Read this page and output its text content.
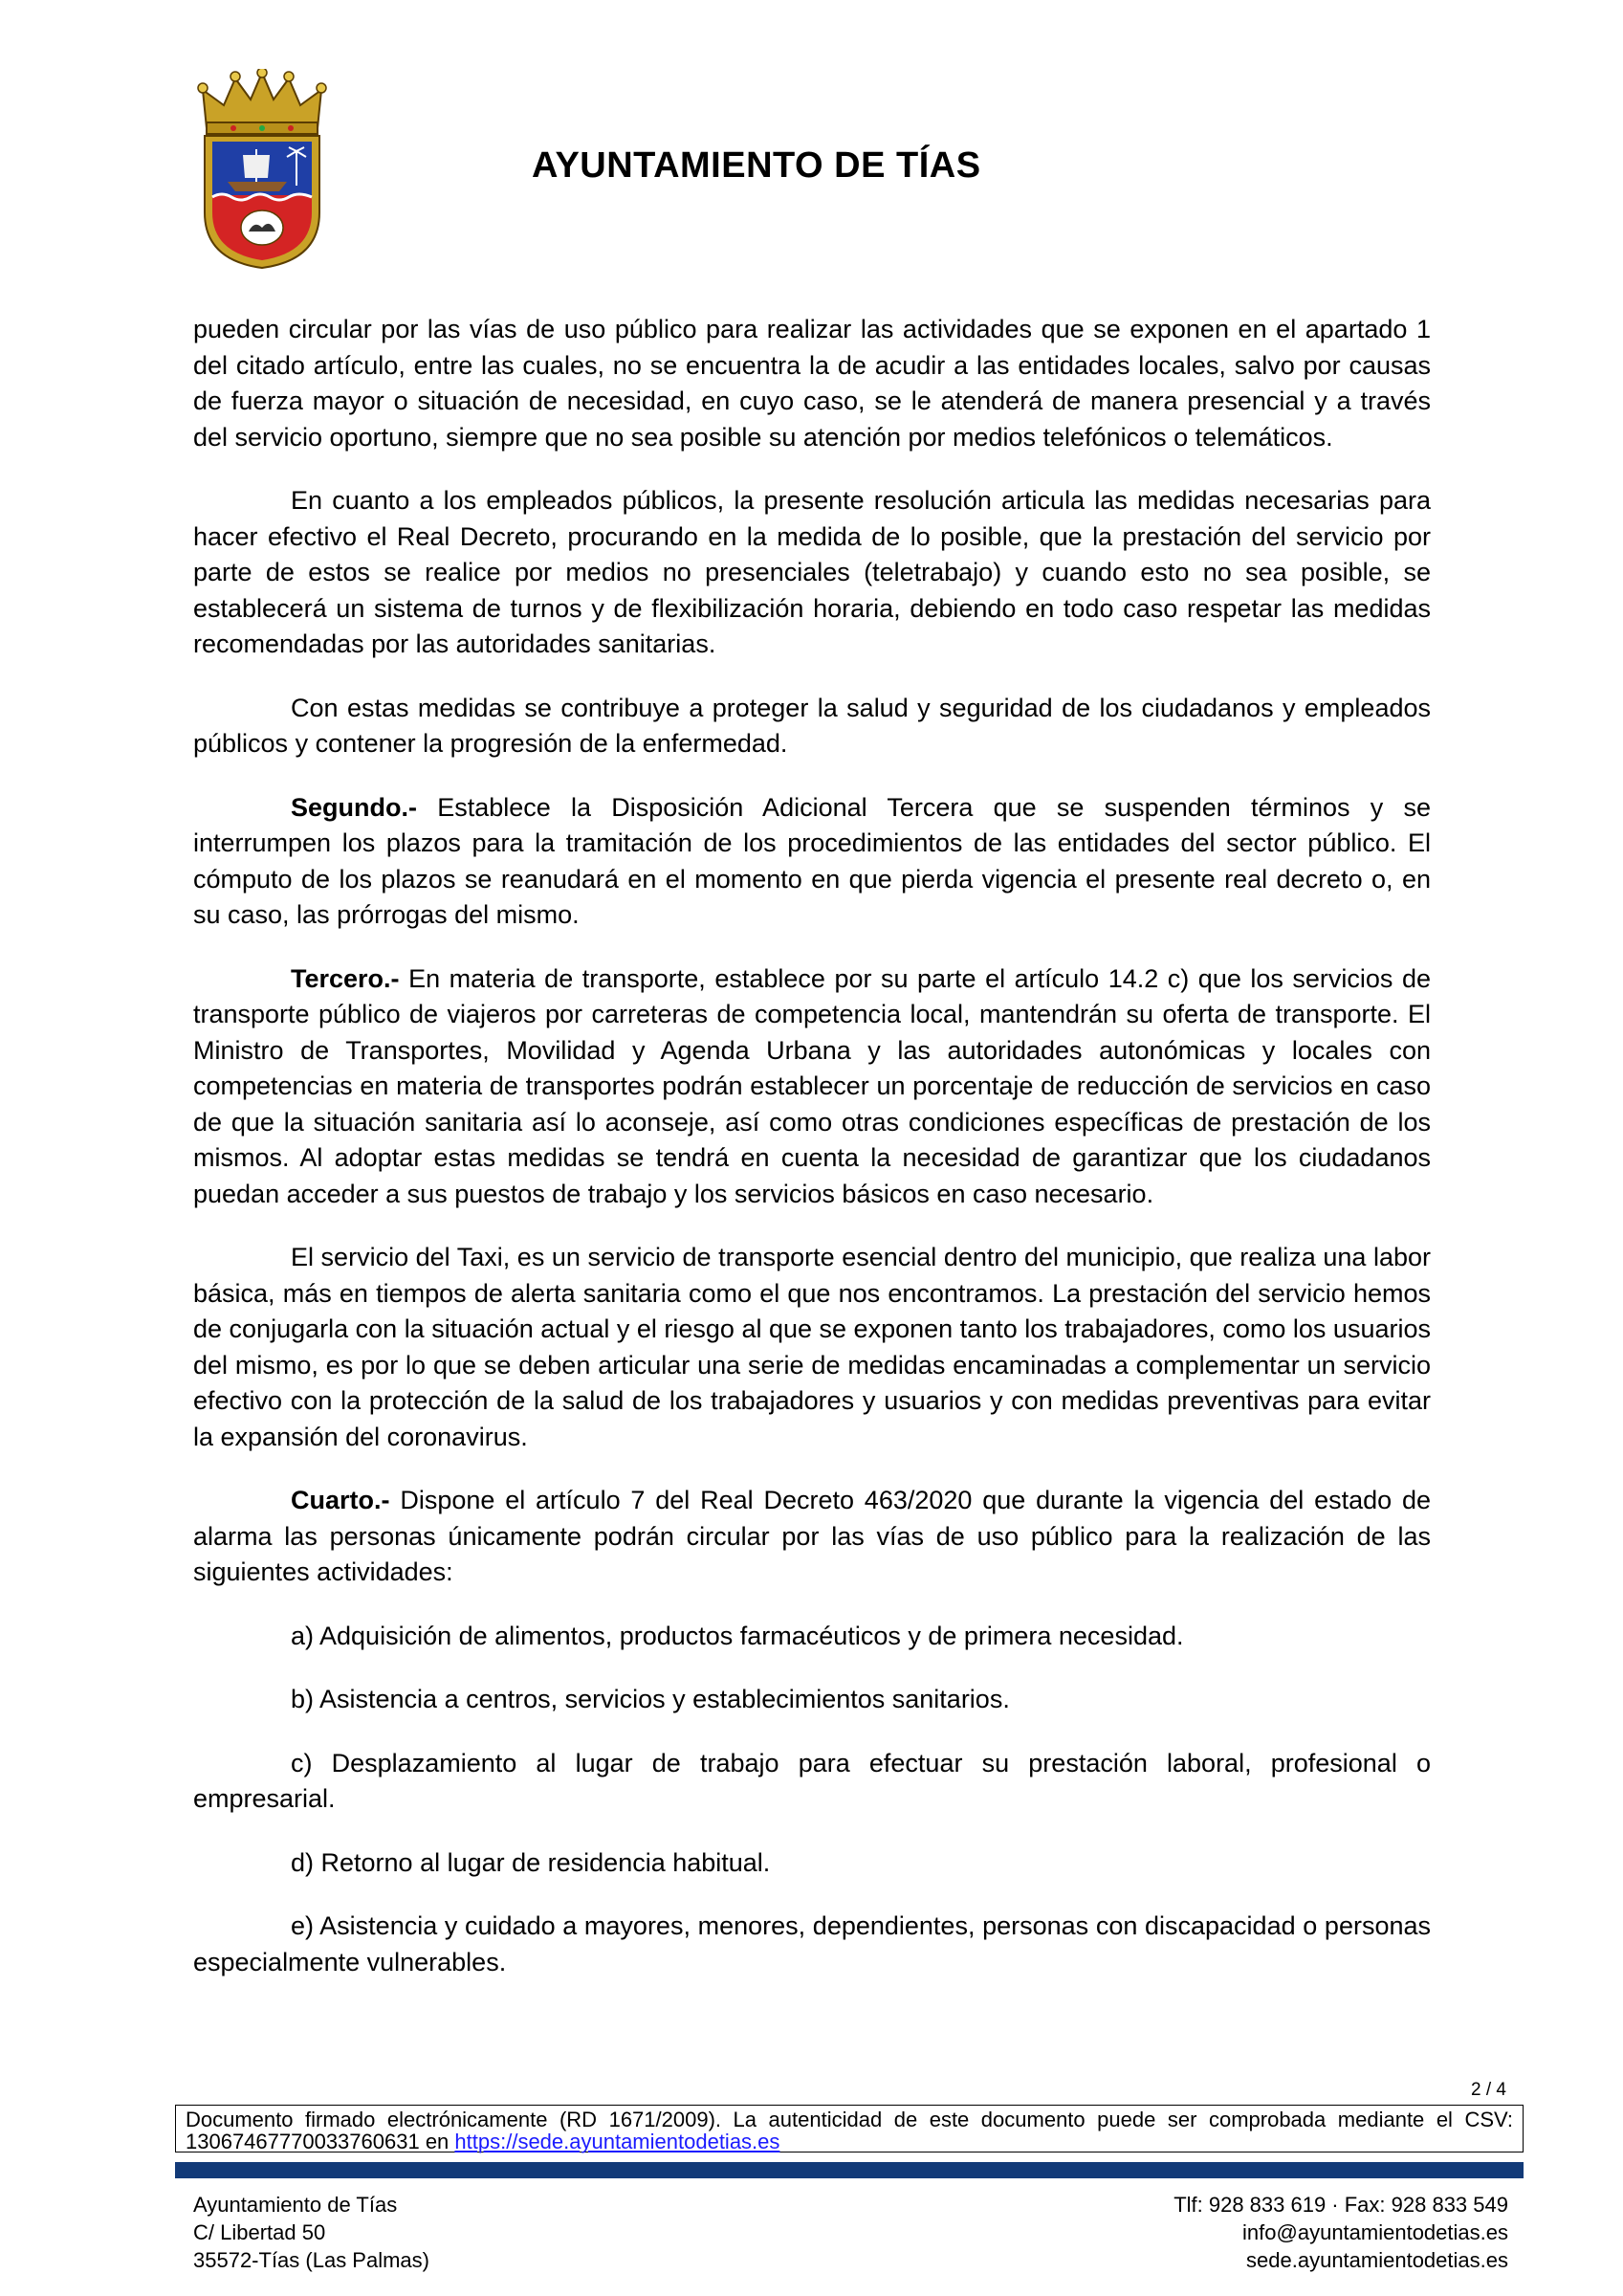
AYUNTAMIENTO DE TÍAS

pueden circular por las vías de uso público para realizar las actividades que se exponen en el apartado 1 del citado artículo, entre las cuales, no se encuentra la de acudir a las entidades locales, salvo por causas de fuerza mayor o situación de necesidad, en cuyo caso, se le atenderá de manera presencial y a través del servicio oportuno, siempre que no sea posible su atención por medios telefónicos o telemáticos.

En cuanto a los empleados públicos, la presente resolución articula las medidas necesarias para hacer efectivo el Real Decreto, procurando en la medida de lo posible, que la prestación del servicio por parte de estos se realice por medios no presenciales (teletrabajo) y cuando esto no sea posible, se establecerá un sistema de turnos y de flexibilización horaria, debiendo en todo caso respetar las medidas recomendadas por las autoridades sanitarias.

Con estas medidas se contribuye a proteger la salud y seguridad de los ciudadanos y empleados públicos y contener la progresión de la enfermedad.

Segundo.- Establece la Disposición Adicional Tercera que se suspenden términos y se interrumpen los plazos para la tramitación de los procedimientos de las entidades del sector público. El cómputo de los plazos se reanudará en el momento en que pierda vigencia el presente real decreto o, en su caso, las prórrogas del mismo.

Tercero.- En materia de transporte, establece por su parte el artículo 14.2 c) que los servicios de transporte público de viajeros por carreteras de competencia local, mantendrán su oferta de transporte. El Ministro de Transportes, Movilidad y Agenda Urbana y las autoridades autonómicas y locales con competencias en materia de transportes podrán establecer un porcentaje de reducción de servicios en caso de que la situación sanitaria así lo aconseje, así como otras condiciones específicas de prestación de los mismos. Al adoptar estas medidas se tendrá en cuenta la necesidad de garantizar que los ciudadanos puedan acceder a sus puestos de trabajo y los servicios básicos en caso necesario.

El servicio del Taxi, es un servicio de transporte esencial dentro del municipio, que realiza una labor básica, más en tiempos de alerta sanitaria como el que nos encontramos. La prestación del servicio hemos de conjugarla con la situación actual y el riesgo al que se exponen tanto los trabajadores, como los usuarios del mismo, es por lo que se deben articular una serie de medidas encaminadas a complementar un servicio efectivo con la protección de la salud de los trabajadores y usuarios y con medidas preventivas para evitar la expansión del coronavirus.

Cuarto.- Dispone el artículo 7 del Real Decreto 463/2020 que durante la vigencia del estado de alarma las personas únicamente podrán circular por las vías de uso público para la realización de las siguientes actividades:

a) Adquisición de alimentos, productos farmacéuticos y de primera necesidad.

b) Asistencia a centros, servicios y establecimientos sanitarios.

c) Desplazamiento al lugar de trabajo para efectuar su prestación laboral, profesional o empresarial.

d) Retorno al lugar de residencia habitual.

e) Asistencia y cuidado a mayores, menores, dependientes, personas con discapacidad o personas especialmente vulnerables.

2 / 4
Documento firmado electrónicamente (RD 1671/2009). La autenticidad de este documento puede ser comprobada mediante el CSV: 13067467770033760631 en https://sede.ayuntamientodetias.es
Ayuntamiento de Tías
C/ Libertad 50
35572-Tías (Las Palmas)
Tlf: 928 833 619 · Fax: 928 833 549
info@ayuntamientodetias.es
sede.ayuntamientodetias.es
